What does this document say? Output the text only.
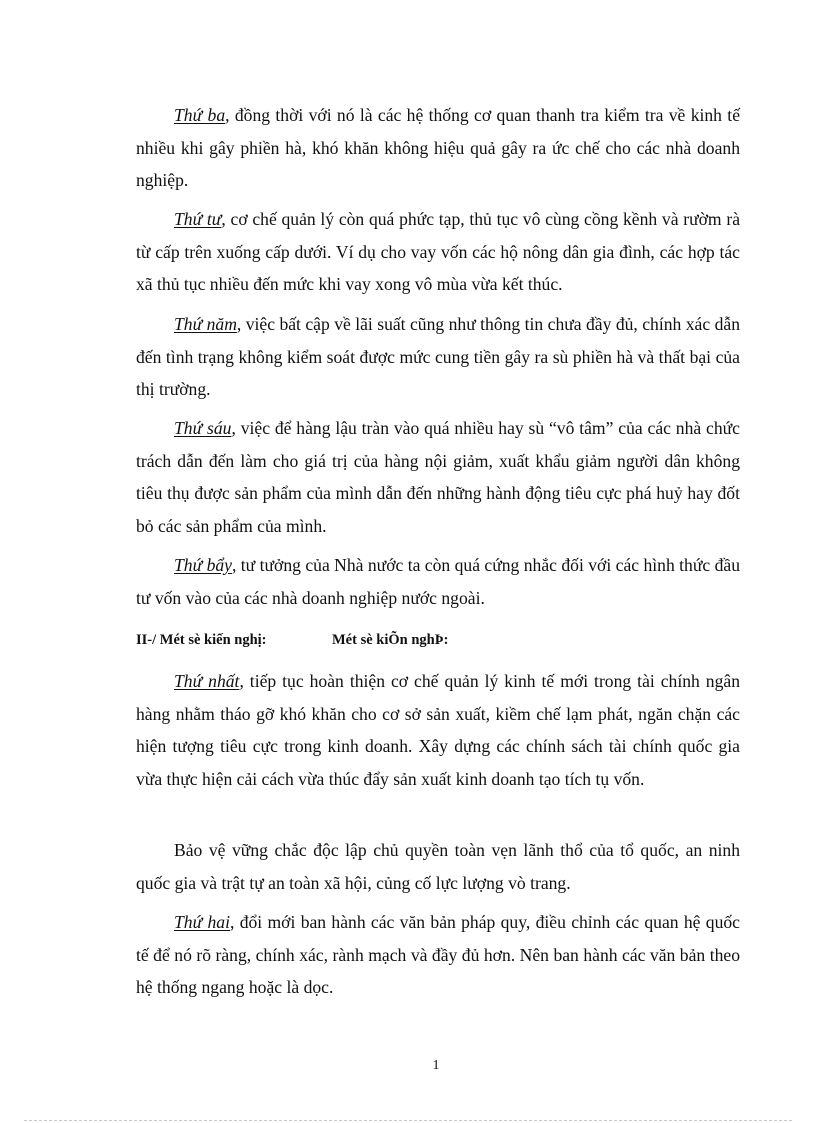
Thứ ba, đồng thời với nó là các hệ thống cơ quan thanh tra kiểm tra về kinh tế nhiều khi gây phiền hà, khó khăn không hiệu quả gây ra ức chế cho các nhà doanh nghiệp.

Thứ tư, cơ chế quản lý còn quá phức tạp, thủ tục vô cùng cồng kềnh và rườm rà từ cấp trên xuống cấp dưới. Ví dụ cho vay vốn các hộ nông dân gia đình, các hợp tác xã thủ tục nhiều đến mức khi vay xong vô mùa vừa kết thúc.

Thứ năm, việc bất cập về lãi suất cũng như thông tin chưa đầy đủ, chính xác dẫn đến tình trạng không kiểm soát được mức cung tiền gây ra sù phiền hà và thất bại của thị trường.

Thứ sáu, việc để hàng lậu tràn vào quá nhiều hay sù “vô tâm” của các nhà chức trách dẫn đến làm cho giá trị của hàng nội giảm, xuất khẩu giảm người dân không tiêu thụ được sản phẩm của mình dẫn đến những hành động tiêu cực phá huỷ hay đốt bỏ các sản phẩm của mình.

Thứ bẩy, tư tưởng của Nhà nước ta còn quá cứng nhắc đối với các hình thức đầu tư vốn vào của các nhà doanh nghiệp nước ngoài.

II-/ Mét sè kiến nghị:	Mét sè kiÕn nghÞ:

Thứ nhất, tiếp tục hoàn thiện cơ chế quản lý kinh tế mới trong tài chính ngân hàng nhằm tháo gỡ khó khăn cho cơ sở sản xuất, kiềm chế lạm phát, ngăn chặn các hiện tượng tiêu cực trong kinh doanh. Xây dựng các chính sách tài chính quốc gia vừa thực hiện cải cách vừa thúc đẩy sản xuất kinh doanh tạo tích tụ vốn.

Bảo vệ vững chắc độc lập chủ quyền toàn vẹn lãnh thổ của tổ quốc, an ninh quốc gia và trật tự an toàn xã hội, củng cố lực lượng vò trang.

Thứ hai, đổi mới ban hành các văn bản pháp quy, điều chỉnh các quan hệ quốc tế để nó rõ ràng, chính xác, rành mạch và đầy đủ hơn. Nên ban hành các văn bản theo hệ thống ngang hoặc là dọc.

1
